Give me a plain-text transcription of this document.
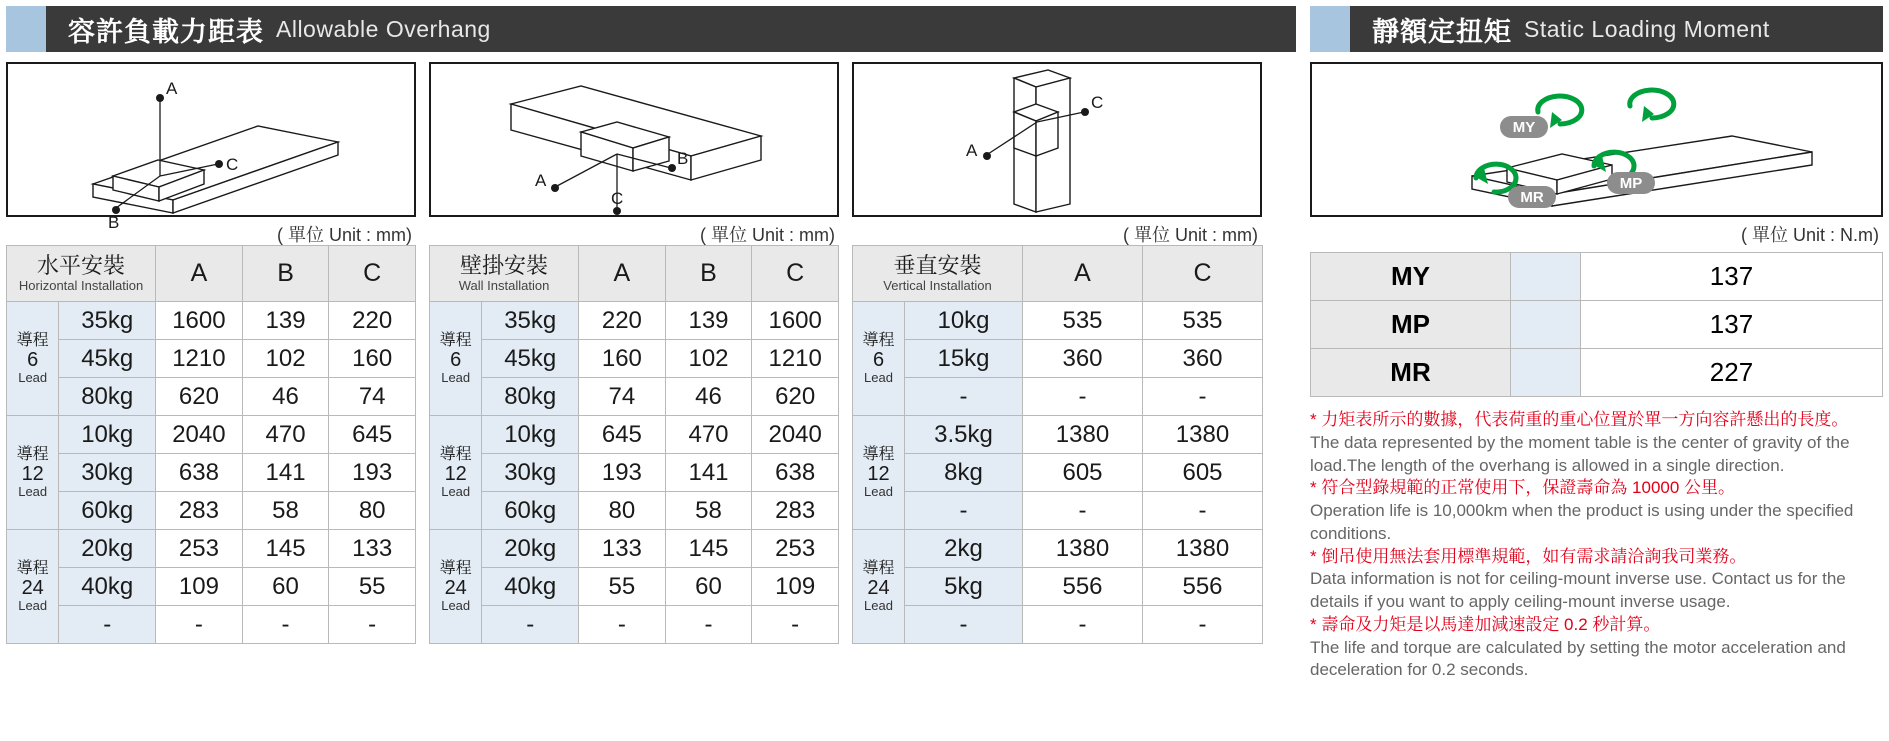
容許負載力距表 Allowable Overhang
A
C
B
A
B
C
A
C
( 單位 Unit : mm)	( 單位 Unit : mm)	( 單位 Unit : mm)
水平安裝
Horizontal Installation		A	B	C

導程
6
Lead	35kg	1600	139	220
	45kg	1210	102	160
	80kg	620	46	74

導程
12
Lead	10kg	2040	470	645
	30kg	638	141	193
	60kg	283	58	80

導程
24
Lead	20kg	253	145	133
	40kg	109	60	55
	-	-	-	-
壁掛安裝
Wall Installation		A	B	C

導程
6
Lead	35kg	220	139	1600
	45kg	160	102	1210
	80kg	74	46	620

導程
12
Lead	10kg	645	470	2040
	30kg	193	141	638
	60kg	80	58	283

導程
24
Lead	20kg	133	145	253
	40kg	55	60	109
	-	-	-	-
垂直安裝
Vertical Installation		A	C

導程
6
Lead	10kg	535	535
	15kg	360	360
	-	-	-

導程
12
Lead	3.5kg	1380	1380
	8kg	605	605
	-	-	-

導程
24
Lead	2kg	1380	1380
	5kg	556	556
	-	-	-
靜額定扭矩 Static Loading Moment
MY
MP
MR
( 單位 Unit : N.m)
MY		137
MP		137
MR		227
* 力矩表所示的數據，代表荷重的重心位置於單一方向容許懸出的長度。
The data represented by the moment table is the center of gravity of the load.The length of the overhang is allowed in a single direction.
* 符合型錄規範的正常使用下，保證壽命為 10000 公里。
Operation life is 10,000km when the product is using under the specified conditions.
* 倒吊使用無法套用標準規範，如有需求請洽詢我司業務。
Data information is not for ceiling-mount inverse use. Contact us for the details if you want to apply ceiling-mount inverse usage.
* 壽命及力矩是以馬達加減速設定 0.2 秒計算。
The life and torque are calculated by setting the motor acceleration and deceleration for 0.2 seconds.
